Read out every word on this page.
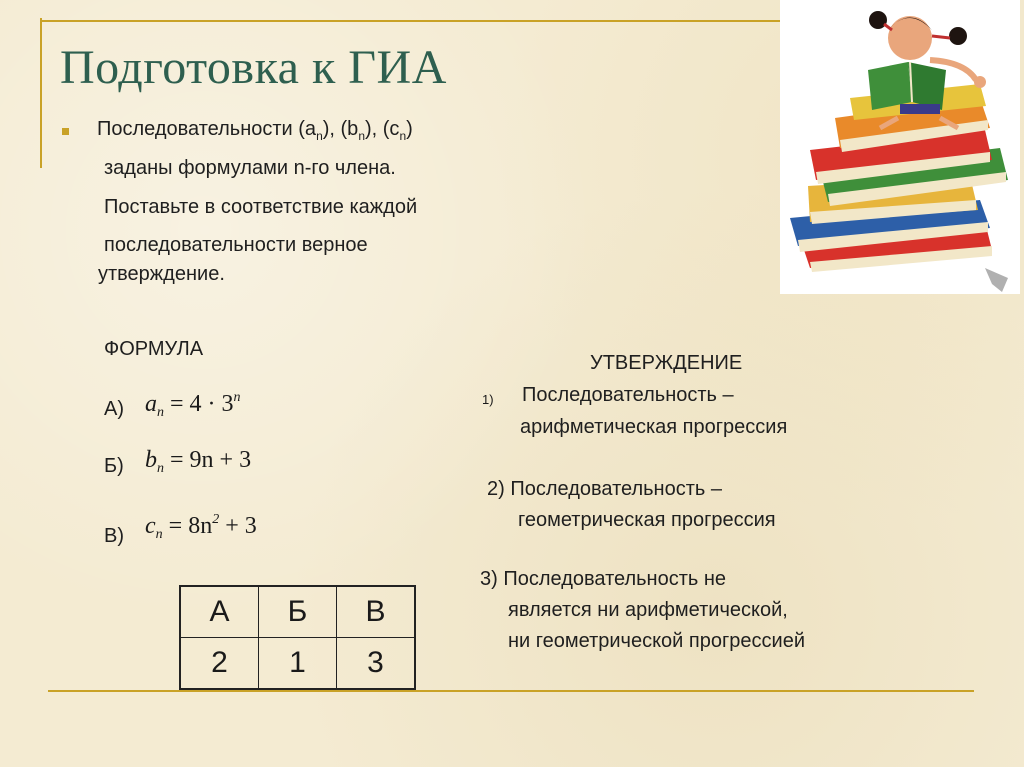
Подготовка к ГИА
Последовательности $(a_n)$, $(b_n)$, $(c_n)$
заданы формулами n-го члена.
Поставьте в соответствие каждой
последовательности верное
утверждение.
ФОРМУЛА
А) $a_n = 4 \cdot 3^n$
Б) $b_n = 9n + 3$
В) $c_n = 8n^2 + 3$
УТВЕРЖДЕНИЕ
1) Последовательность –
арифметическая прогрессия
2) Последовательность –
геометрическая прогрессия
3) Последовательность не
является ни арифметической,
ни геометрической прогрессией
А	Б	В
2	1	3
